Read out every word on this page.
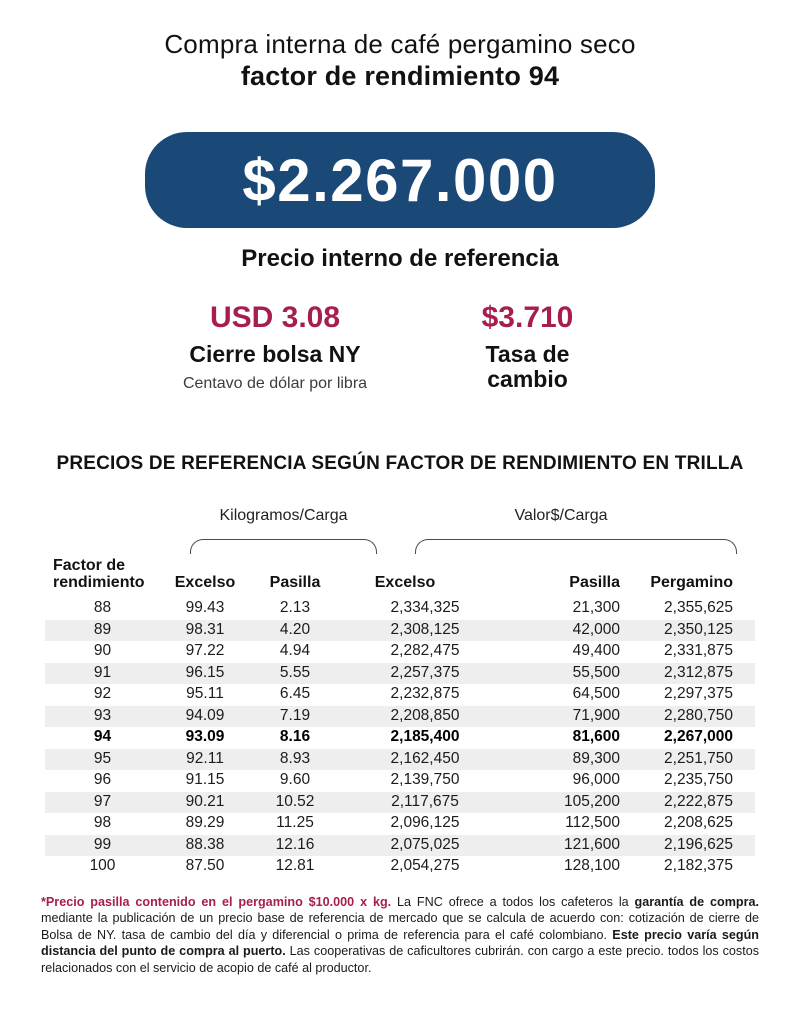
Compra interna de café pergamino seco
factor de rendimiento 94
$2.267.000
Precio interno de referencia
USD 3.08
Cierre bolsa NY
Centavo de dólar por libra
$3.710
Tasa de cambio
PRECIOS DE REFERENCIA SEGÚN FACTOR DE RENDIMIENTO EN TRILLA
Kilogramos/Carga	Valor$/Carga
Factor de rendimiento	Excelso	Pasilla	Excelso	Pasilla	Pergamino
88	99.43	2.13	2,334,325	21,300	2,355,625
89	98.31	4.20	2,308,125	42,000	2,350,125
90	97.22	4.94	2,282,475	49,400	2,331,875
91	96.15	5.55	2,257,375	55,500	2,312,875
92	95.11	6.45	2,232,875	64,500	2,297,375
93	94.09	7.19	2,208,850	71,900	2,280,750
94	93.09	8.16	2,185,400	81,600	2,267,000
95	92.11	8.93	2,162,450	89,300	2,251,750
96	91.15	9.60	2,139,750	96,000	2,235,750
97	90.21	10.52	2,117,675	105,200	2,222,875
98	89.29	11.25	2,096,125	112,500	2,208,625
99	88.38	12.16	2,075,025	121,600	2,196,625
100	87.50	12.81	2,054,275	128,100	2,182,375
*Precio pasilla contenido en el pergamino $10.000 x kg. La FNC ofrece a todos los cafeteros la garantía de compra. mediante la publicación de un precio base de referencia de mercado que se calcula de acuerdo con: cotización de cierre de Bolsa de NY. tasa de cambio del día y diferencial o prima de referencia para el café colombiano. Este precio varía según distancia del punto de compra al puerto. Las cooperativas de caficultores cubrirán. con cargo a este precio. todos los costos relacionados con el servicio de acopio de café al productor.
